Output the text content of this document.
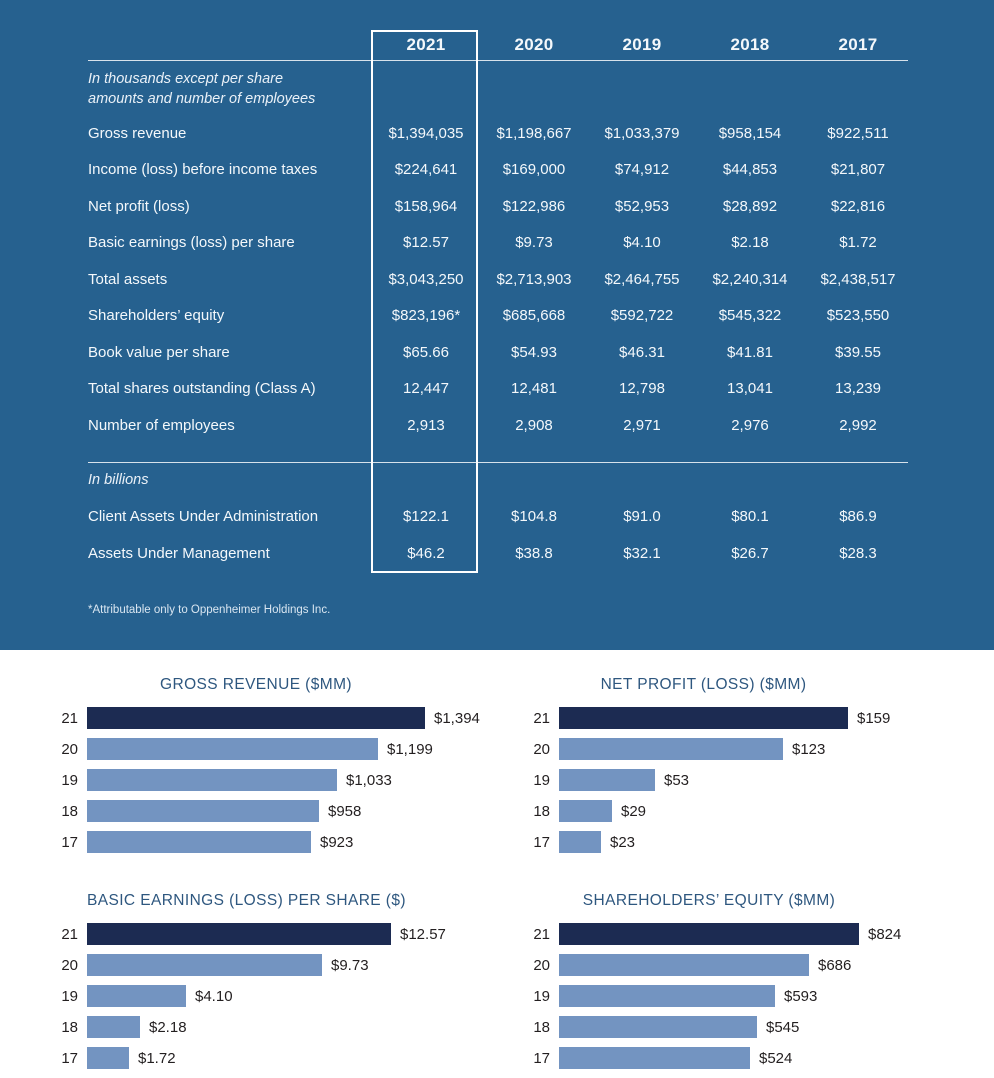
2021	2020	2019	2018	2017
In thousands except per share
amounts and number of employees
Gross revenue	$1,394,035	$1,198,667	$1,033,379	$958,154	$922,511
Income (loss) before income taxes	$224,641	$169,000	$74,912	$44,853	$21,807
Net profit (loss)	$158,964	$122,986	$52,953	$28,892	$22,816
Basic earnings (loss) per share	$12.57	$9.73	$4.10	$2.18	$1.72
Total assets	$3,043,250	$2,713,903	$2,464,755	$2,240,314	$2,438,517
Shareholders’ equity	$823,196*	$685,668	$592,722	$545,322	$523,550
Book value per share	$65.66	$54.93	$46.31	$41.81	$39.55
Total shares outstanding (Class A)	12,447	12,481	12,798	13,041	13,239
Number of employees	2,913	2,908	2,971	2,976	2,992
In billions
Client Assets Under Administration	$122.1	$104.8	$91.0	$80.1	$86.9
Assets Under Management	$46.2	$38.8	$32.1	$26.7	$28.3
*Attributable only to Oppenheimer Holdings Inc.
GROSS REVENUE ($MM)
21	$1,394
20	$1,199
19	$1,033
18	$958
17	$923
NET PROFIT (LOSS) ($MM)
21	$159
20	$123
19	$53
18	$29
17	$23
BASIC EARNINGS (LOSS) PER SHARE ($)
21	$12.57
20	$9.73
19	$4.10
18	$2.18
17	$1.72
SHAREHOLDERS’ EQUITY ($MM)
21	$824
20	$686
19	$593
18	$545
17	$524
